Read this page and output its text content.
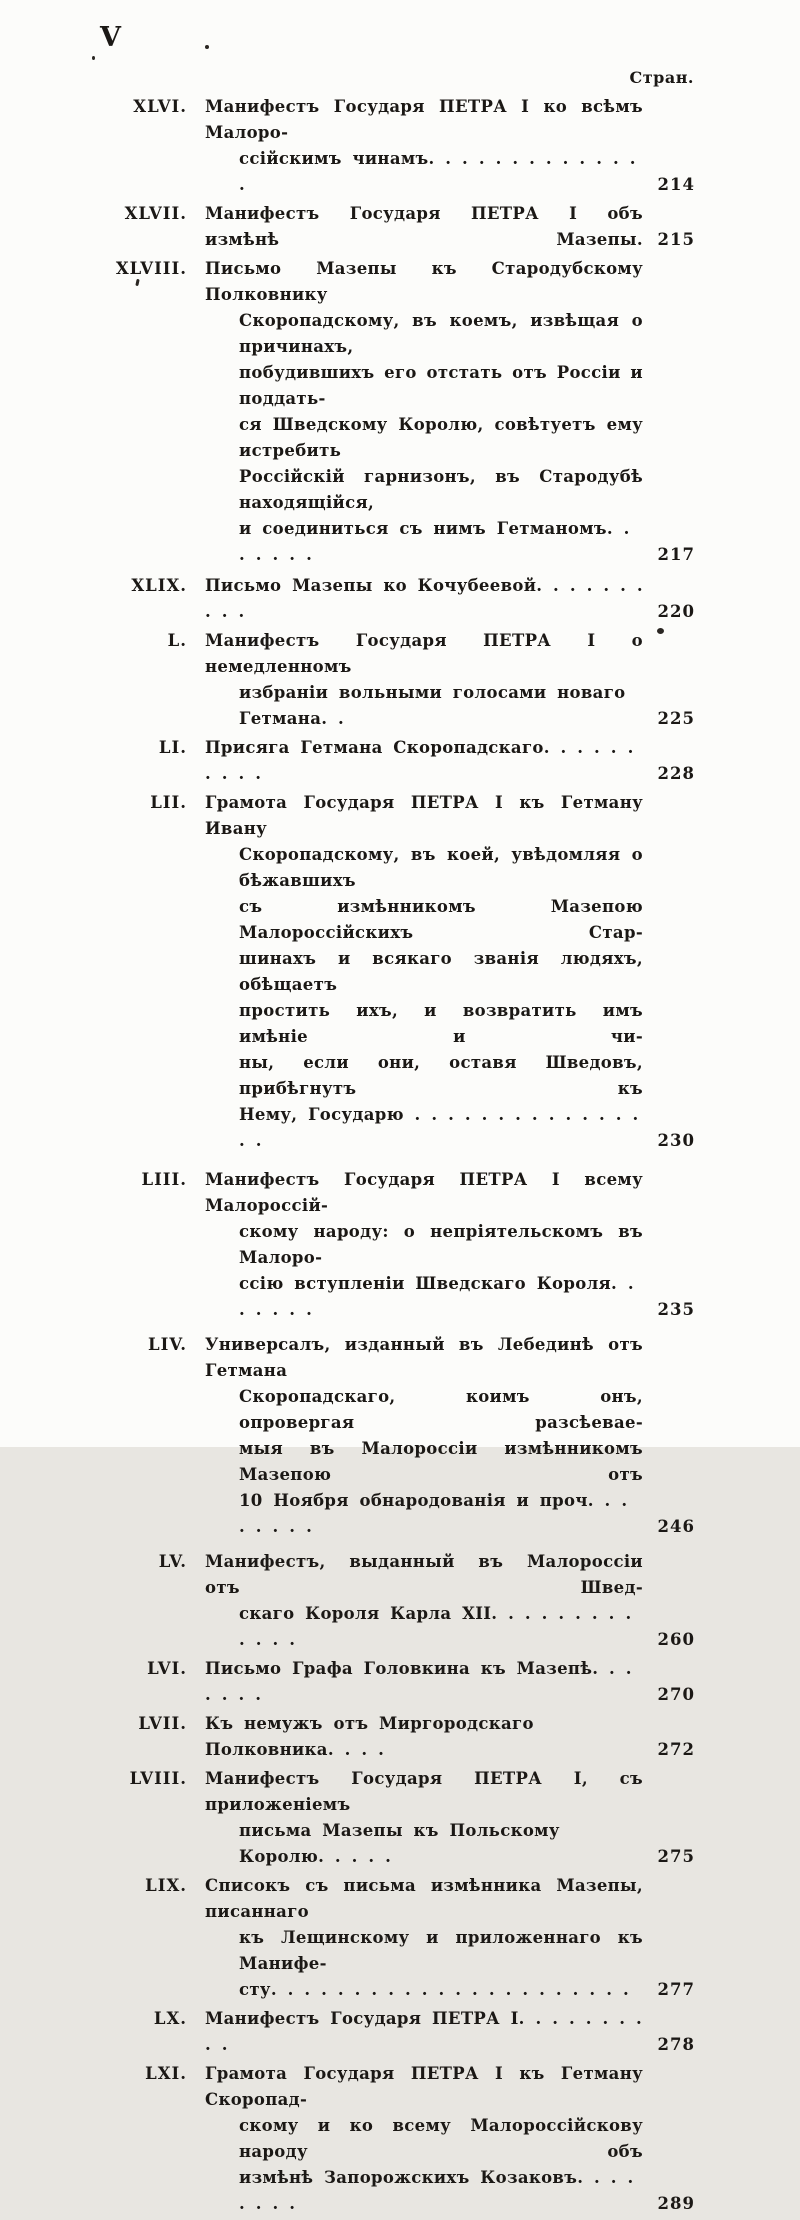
V
Стран.
XLVI. Манифестъ Государя ПЕТРА I ко всѣмъ Малоро-
ссійскимъ чинамъ. . . . . . . . . . . . . .	214
XLVII. Манифестъ Государя ПЕТРА I объ измѣнѣ Мазепы. 215
XLVIII. Письмо Мазепы къ Стародубскому Полковнику
Скоропадскому, въ коемъ, извѣщая о причинахъ,
побудившихъ его отстать отъ Россіи и поддать-
ся Шведскому Королю, совѣтуетъ ему истребить
Россійскій гарнизонъ, въ Стародубѣ находящійся,
и соединиться съ нимъ Гетманомъ. . . . . . .	217
XLIX. Письмо Мазепы ко Кочубеевой. . . . . . . . . .	220
L. Манифестъ Государя ПЕТРА I о немедленномъ
избраніи вольными голосами новаго Гетмана. .	225
LI. Присяга Гетмана Скоропадскаго. . . . . . . . . .	228
LII. Грамота Государя ПЕТРА I къ Гетману Ивану
Скоропадскому, въ коей, увѣдомляя о бѣжавшихъ
съ измѣнникомъ Мазепою Малороссійскихъ Стар-
шинахъ и всякаго званія людяхъ, обѣщаетъ
простить ихъ, и возвратить имъ имѣніе и чи-
ны, если они, оставя Шведовъ, прибѣгнутъ къ
Нему, Государю . . . . . . . . . . . . . . . .	230
LIII. Манифестъ Государя ПЕТРА I всему Малороссій-
скому народу: о непріятельскомъ въ Малоро-
ссію вступленіи Шведскаго Короля. . . . . . .	235
LIV. Универсалъ, изданный въ Лебединѣ отъ Гетмана
Скоропадскаго, коимъ онъ, опровергая разсѣевае-
мыя въ Малороссіи измѣнникомъ Мазепою отъ
10 Ноября обнародованія и проч. . . . . . . .	246
LV. Манифестъ, выданный въ Малороссіи отъ Швед-
скаго Короля Карла XII. . . . . . . . . . . . .	260
LVI. Письмо Графа Головкина къ Мазепѣ. . . . . . .	270
LVII. Къ немужъ отъ Миргородскаго Полковника. . . .	272
LVIII. Манифестъ Государя ПЕТРА I, съ приложеніемъ
письма Мазепы къ Польскому Королю. . . . .	275
LIX. Списокъ съ письма измѣнника Мазепы, писаннаго
къ Лещинскому и приложеннаго къ Манифе-
сту. . . . . . . . . . . . . . . . . . . . . .	277
LX. Манифестъ Государя ПЕТРА I. . . . . . . . . .	278
LXI. Грамота Государя ПЕТРА I къ Гетману Скоропад-
скому и ко всему Малороссійскову народу объ
измѣнѣ Запорожскихъ Козаковъ. . . . . . . .	289
